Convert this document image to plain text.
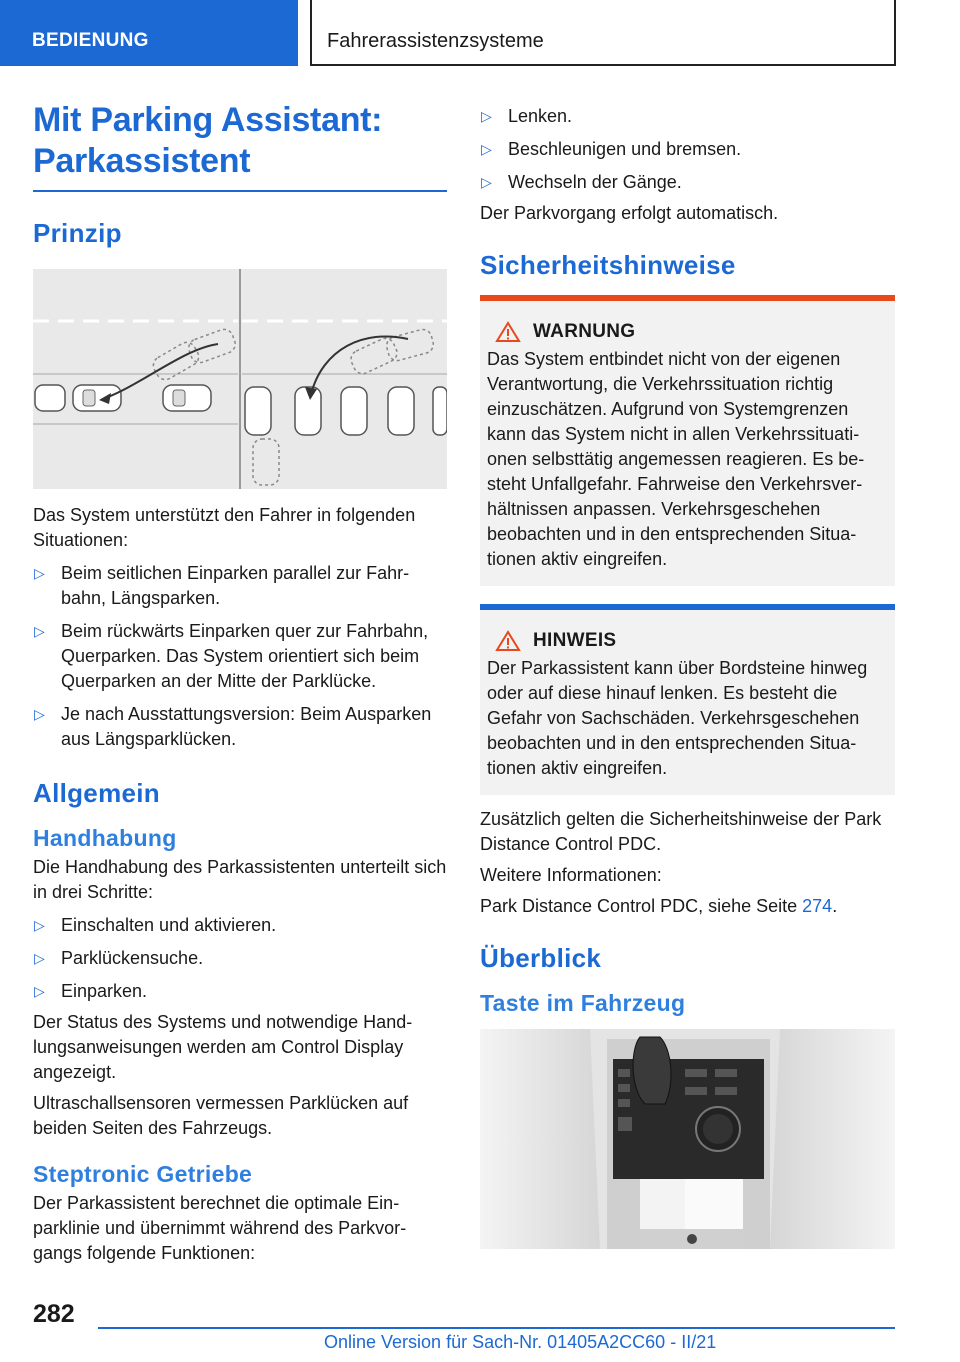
BEDIENUNG	Fahrerassistenzsysteme
Mit Parking Assistant:
Parkassistent
Prinzip

Das System unterstützt den Fahrer in folgenden Situationen:

▷ Beim seitlichen Einparken parallel zur Fahrbahn, Längsparken.
▷ Beim rückwärts Einparken quer zur Fahrbahn, Querparken. Das System orientiert sich beim Querparken an der Mitte der Parklücke.
▷ Je nach Ausstattungsversion: Beim Ausparken aus Längsparklücken.
Allgemein
Handhabung

Die Handhabung des Parkassistenten unterteilt sich in drei Schritte:

▷ Einschalten und aktivieren.
▷ Parklückensuche.
▷ Einparken.

Der Status des Systems und notwendige Handlungsanweisungen werden am Control Display angezeigt.

Ultraschallsensoren vermessen Parklücken auf beiden Seiten des Fahrzeugs.

Steptronic Getriebe

Der Parkassistent berechnet die optimale Einparklinie und übernimmt während des Parkvorgangs folgende Funktionen:

▷ Lenken.
▷ Beschleunigen und bremsen.
▷ Wechseln der Gänge.

Der Parkvorgang erfolgt automatisch.

Sicherheitshinweise
WARNUNG

Das System entbindet nicht von der eigenen Verantwortung, die Verkehrssituation richtig einzuschätzen. Aufgrund von Systemgrenzen kann das System nicht in allen Verkehrssituationen selbsttätig angemessen reagieren. Es besteht Unfallgefahr. Fahrweise den Verkehrsverhältnissen anpassen. Verkehrsgeschehen beobachten und in den entsprechenden Situationen aktiv eingreifen.

HINWEIS

Der Parkassistent kann über Bordsteine hinweg oder auf diese hinauf lenken. Es besteht die Gefahr von Sachschäden. Verkehrsgeschehen beobachten und in den entsprechenden Situationen aktiv eingreifen.

Zusätzlich gelten die Sicherheitshinweise der Park Distance Control PDC.

Weitere Informationen:

Park Distance Control PDC, siehe Seite 274.

Überblick
Taste im Fahrzeug
282
Online Version für Sach-Nr. 01405A2CC60 - II/21
